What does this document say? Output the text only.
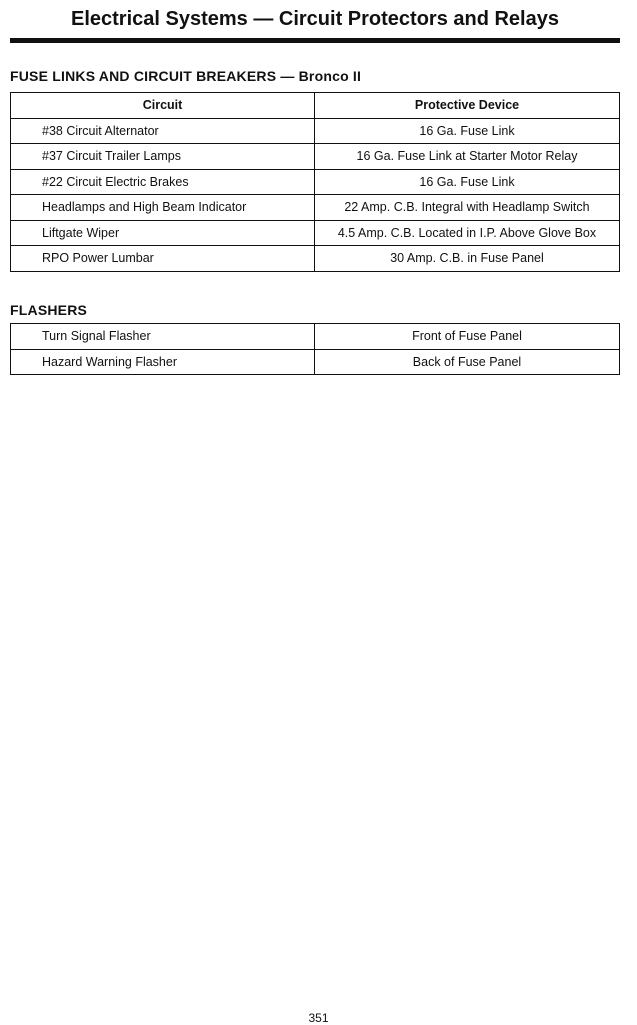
Electrical Systems — Circuit Protectors and Relays
FUSE LINKS AND CIRCUIT BREAKERS — Bronco II
Circuit	Protective Device
#38 Circuit Alternator	16 Ga. Fuse Link
#37 Circuit Trailer Lamps	16 Ga. Fuse Link at Starter Motor Relay
#22 Circuit Electric Brakes	16 Ga. Fuse Link
Headlamps and High Beam Indicator	22 Amp. C.B. Integral with Headlamp Switch
Liftgate Wiper	4.5 Amp. C.B. Located in I.P. Above Glove Box
RPO Power Lumbar	30 Amp. C.B. in Fuse Panel
FLASHERS
Turn Signal Flasher	Front of Fuse Panel
Hazard Warning Flasher	Back of Fuse Panel
351
